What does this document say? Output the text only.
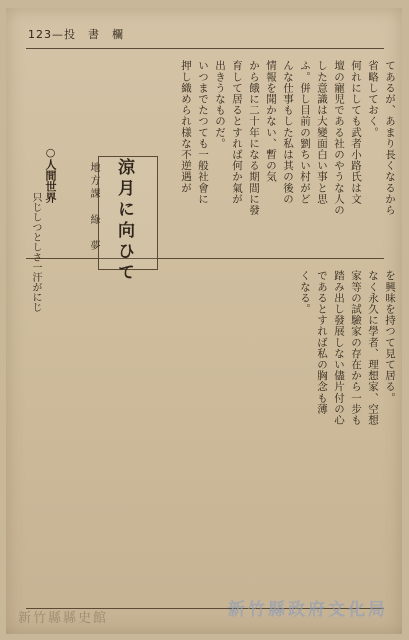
123—投　書　欄
涼月に向ひて
地方課　綠　夢
○人間世界
只じしつとしさ一汗がにじ
てあるが、あまり長くなるから
省略しておく。
何れにしても武者小路氏は文
壇の寵児である社のやうな人の
した意識は大變面白い事と思
ふ。併し目前の劉ちい村がど
んな仕事もした私は其の後の
情報を聞かない、暫の気
から餓に二十年になる期間に發
育して居るとすれば何か氣が
出きうなものだ。
いつまでたつても一般社會に
押し織められ様な不逆遇が
を興味を持つて見て居る。
なく永久に學者、理想家、空想
家等の試驗家の存在から一步も
踏み出し發展しない儘片付の心
であるとすれば私の胸念も薄
くなる。
新竹縣政府文化局
新竹縣縣史館
